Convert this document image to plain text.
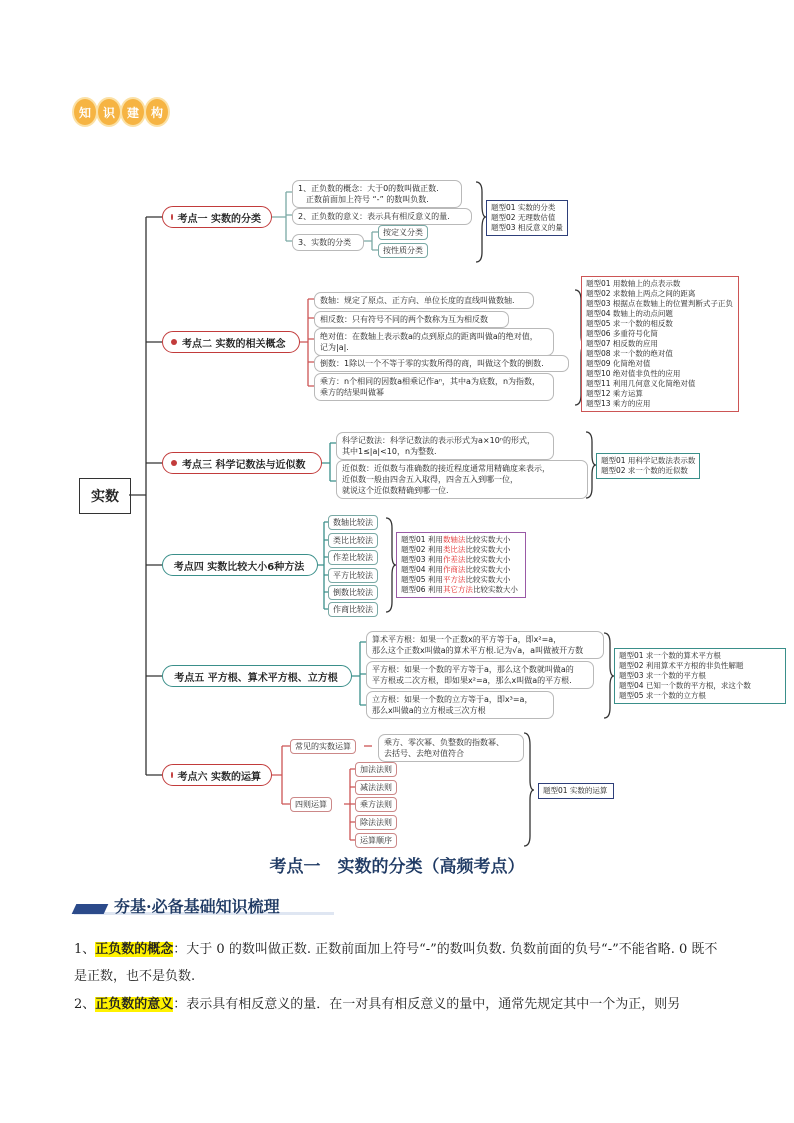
知 识 建 构
实数
考点一 实数的分类
1、正负数的概念：大于0的数叫做正数.
正数前面加上符号 “-” 的数叫负数.
2、正负数的意义：表示具有相反意义的量.
3、实数的分类
按定义分类
按性质分类
题型01 实数的分类
题型02 无理数估值
题型03 相反意义的量
考点二 实数的相关概念
数轴：规定了原点、正方向、单位长度的直线叫做数轴.
相反数：只有符号不同的两个数称为互为相反数
绝对值：在数轴上表示数a的点到原点的距离叫做a的绝对值，
记为|a|.
倒数：1除以一个不等于零的实数所得的商，叫做这个数的倒数.
乘方：n个相同的因数a相乘记作aⁿ，其中a为底数，n为指数，
乘方的结果叫做幂
题型01 用数轴上的点表示数
题型02 求数轴上两点之间的距离
题型03 根据点在数轴上的位置判断式子正负
题型04 数轴上的动点问题
题型05 求一个数的相反数
题型06 多重符号化简
题型07 相反数的应用
题型08 求一个数的绝对值
题型09 化简绝对值
题型10 绝对值非负性的应用
题型11 利用几何意义化简绝对值
题型12 乘方运算
题型13 乘方的应用
考点三 科学记数法与近似数
科学记数法：科学记数法的表示形式为a×10ⁿ的形式，
其中1≤|a|<10，n为整数.
近似数：近似数与准确数的接近程度通常用精确度来表示，
近似数一般由四舍五入取得，四舍五入到哪一位，
就说这个近似数精确到哪一位.
题型01 用科学记数法表示数
题型02 求一个数的近似数
考点四 实数比较大小6种方法
数轴比较法
类比比较法
作差比较法
平方比较法
倒数比较法
作商比较法
题型01 利用数轴法比较实数大小
题型02 利用类比法比较实数大小
题型03 利用作差法比较实数大小
题型04 利用作商法比较实数大小
题型05 利用平方法比较实数大小
题型06 利用其它方法比较实数大小
考点五 平方根、算术平方根、立方根
算术平方根：如果一个正数x的平方等于a，即x²=a，
那么这个正数x叫做a的算术平方根.记为√a，a叫做被开方数
平方根：如果一个数的平方等于a，那么这个数就叫做a的
平方根或二次方根，即如果x²=a，那么x叫做a的平方根.
立方根：如果一个数的立方等于a，即x³=a，
那么x叫做a的立方根或三次方根
题型01 求一个数的算术平方根
题型02 利用算术平方根的非负性解题
题型03 求一个数的平方根
题型04 已知一个数的平方根，求这个数
题型05 求一个数的立方根
考点六 实数的运算
常见的实数运算	乘方、零次幂、负整数的指数幂、
去括号、去绝对值符合
四则运算
加法法则
减法法则
乘方法则
除法法则
运算顺序
题型01 实数的运算
考点一　实数的分类（高频考点）
夯基·必备基础知识梳理
1、正负数的概念：大于 0 的数叫做正数. 正数前面加上符号“-”的数叫负数. 负数前面的负号“-”不能省略. 0 既不是正数，也不是负数.
2、正负数的意义：表示具有相反意义的量．在一对具有相反意义的量中，通常先规定其中一个为正，则另
